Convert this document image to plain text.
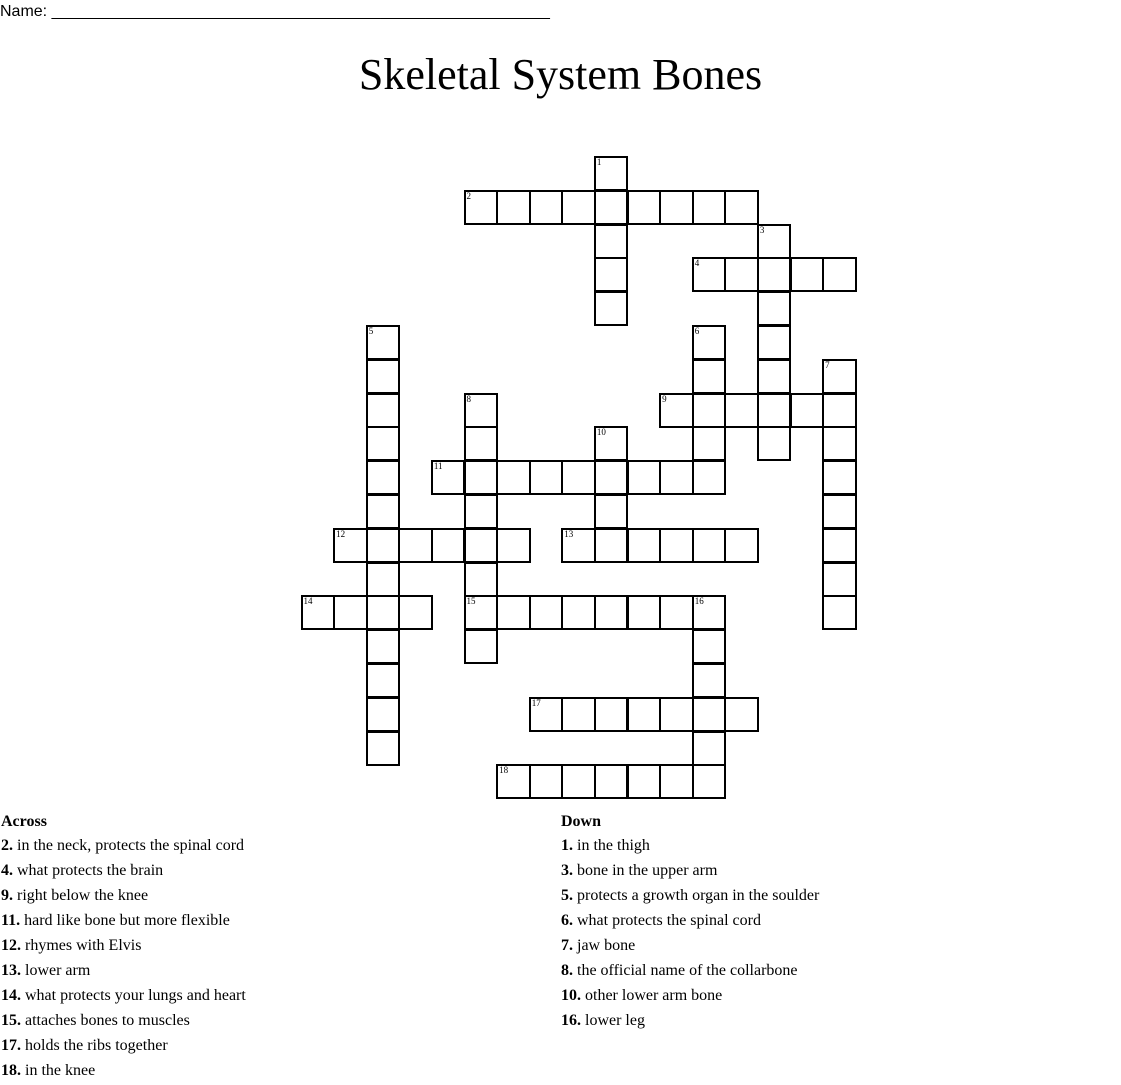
Name: ________________________________________________________
Skeletal System Bones
1
2
3
4
5	6
7
8
15
9
10
11
12	13
14	16
17
18
Across
2. in the neck, protects the spinal cord
4. what protects the brain
9. right below the knee
11. hard like bone but more flexible
12. rhymes with Elvis
13. lower arm
14. what protects your lungs and heart
15. attaches bones to muscles
17. holds the ribs together
18. in the knee
Down
1. in the thigh
3. bone in the upper arm
5. protects a growth organ in the soulder
6. what protects the spinal cord
7. jaw bone
8. the official name of the collarbone
10. other lower arm bone
16. lower leg
